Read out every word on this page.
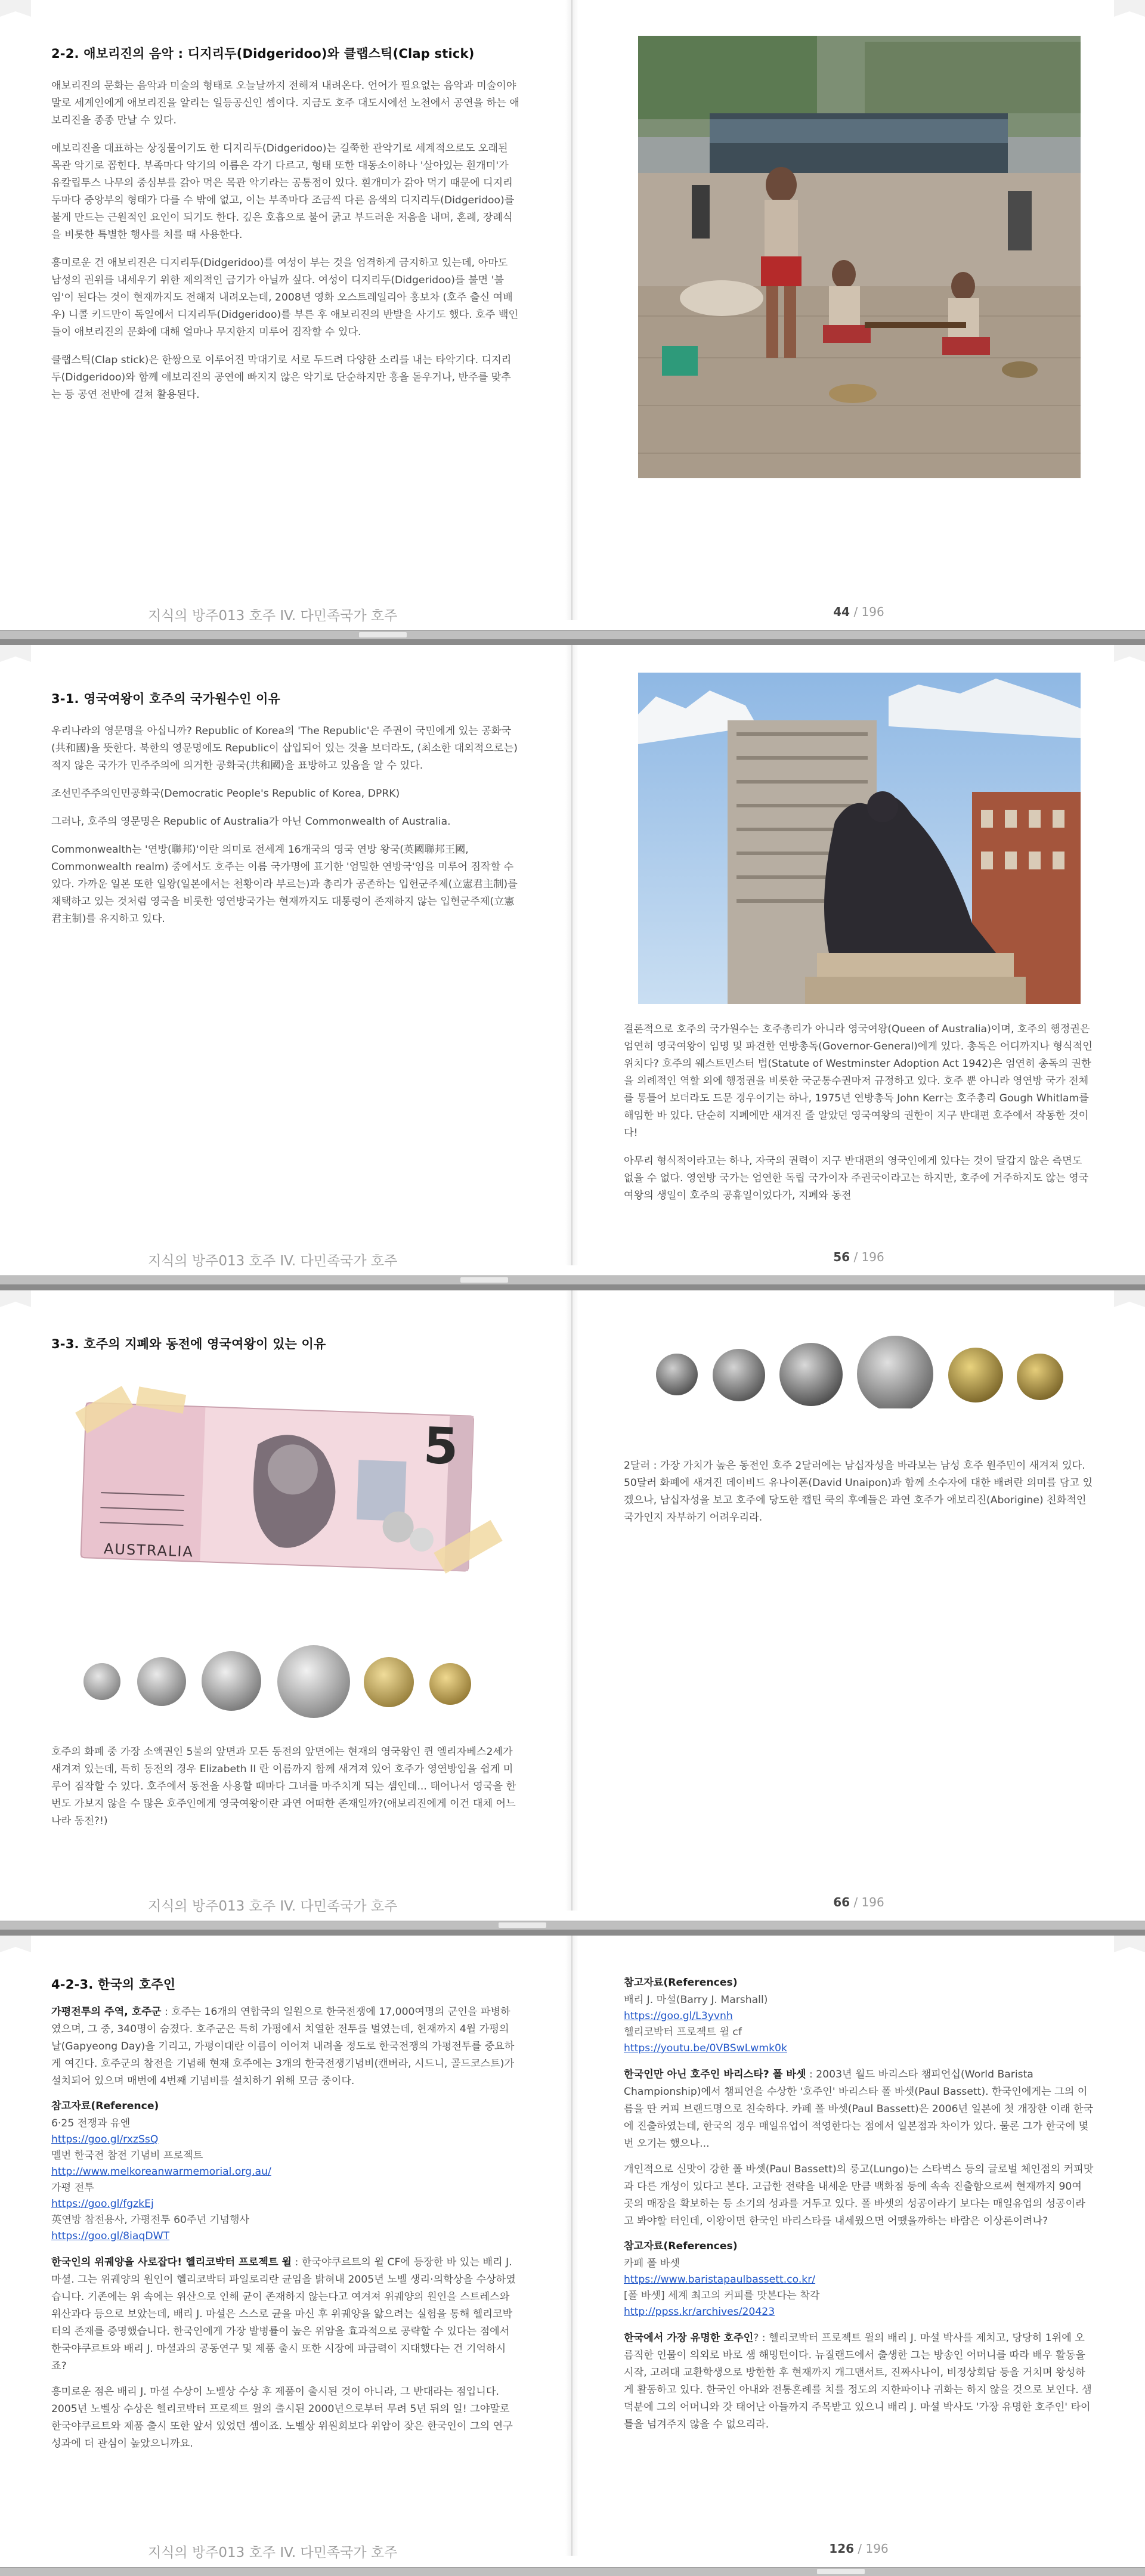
2-2. 애보리진의 음악 : 디지리두(Didgeridoo)와 클랩스틱(Clap stick)

애보리진의 문화는 음악과 미술의 형태로 오늘날까지 전해져 내려온다. 언어가 필요없는 음악과 미술이야말로 세계인에게 애보리진을 알리는 일등공신인 셈이다. 지금도 호주 대도시에선 노천에서 공연을 하는 애보리진을 종종 만날 수 있다.

애보리진을 대표하는 상징물이기도 한 디지리두(Didgeridoo)는 길쭉한 관악기로 세계적으로도 오래된 목관 악기로 꼽힌다. 부족마다 악기의 이름은 각기 다르고, 형태 또한 대동소이하나 '살아있는 흰개미'가 유칼립투스 나무의 중심부를 갉아 먹은 목관 악기라는 공통점이 있다. 흰개미가 갉아 먹기 때문에 디지리두마다 중앙부의 형태가 다를 수 밖에 없고, 이는 부족마다 조금씩 다른 음색의 디지리두(Didgeridoo)를 불게 만드는 근원적인 요인이 되기도 한다. 깊은 호흡으로 불어 굵고 부드러운 저음을 내며, 혼례, 장례식을 비롯한 특별한 행사를 처를 때 사용한다.

흥미로운 건 애보리진은 디지리두(Didgeridoo)를 여성이 부는 것을 엄격하게 금지하고 있는데, 아마도 남성의 권위를 내세우기 위한 제의적인 금기가 아닐까 싶다. 여성이 디지리두(Didgeridoo)를 불면 '불임'이 된다는 것이 현재까지도 전해져 내려오는데, 2008년 영화 오스트레일리아 홍보차 (호주 출신 여배우) 니콜 키드만이 독일에서 디지리두(Didgeridoo)를 부른 후 애보리진의 반발을 사기도 했다. 호주 백인들이 애보리진의 문화에 대해 얼마나 무지한지 미루어 짐작할 수 있다.

클랩스틱(Clap stick)은 한쌍으로 이루어진 막대기로 서로 두드려 다양한 소리를 내는 타악기다. 디지리두(Didgeridoo)와 함께 애보리진의 공연에 빠지지 않은 악기로 단순하지만 흥을 돋우거나, 반주를 맞추는 등 공연 전반에 걸쳐 활용된다.

지식의 방주013 호주 IV. 다민족국가 호주	44 / 196
3-1. 영국여왕이 호주의 국가원수인 이유

우리나라의 영문명을 아십니까? Republic of Korea의 'The Republic'은 주권이 국민에게 있는 공화국(共和國)을 뜻한다. 북한의 영문명에도 Republic이 삽입되어 있는 것을 보더라도, (최소한 대외적으로는) 적지 않은 국가가 민주주의에 의거한 공화국(共和國)을 표방하고 있음을 알 수 있다.

조선민주주의인민공화국(Democratic People's Republic of Korea, DPRK)

그러나, 호주의 영문명은 Republic of Australia가 아닌 Commonwealth of Australia.

Commonwealth는 '연방(聯邦)'이란 의미로 전세계 16개국의 영국 연방 왕국(英國聯邦王國, Commonwealth realm) 중에서도 호주는 이름 국가명에 표기한 '엄밀한 연방국'임을 미루어 짐작할 수 있다. 가까운 일본 또한 일왕(일본에서는 천황이라 부르는)과 총리가 공존하는 입헌군주제(立憲君主制)를 채택하고 있는 것처럼 영국을 비롯한 영연방국가는 현재까지도 대통령이 존재하지 않는 입헌군주제(立憲君主制)를 유지하고 있다.

지식의 방주013 호주 IV. 다민족국가 호주

결론적으로 호주의 국가원수는 호주총리가 아니라 영국여왕(Queen of Australia)이며, 호주의 행정권은 엄연히 영국여왕이 임명 및 파견한 연방총독(Governor-General)에게 있다. 총독은 어디까지나 형식적인 위치다? 호주의 웨스트민스터 법(Statute of Westminster Adoption Act 1942)은 엄연히 총독의 권한을 의례적인 역할 외에 행정권을 비롯한 국군통수권마저 규정하고 있다. 호주 뿐 아니라 영연방 국가 전체를 통틀어 보더라도 드문 경우이기는 하나, 1975년 연방총독 John Kerr는 호주총리 Gough Whitlam를 해임한 바 있다. 단순히 지폐에만 새겨진 줄 알았던 영국여왕의 권한이 지구 반대편 호주에서 작동한 것이다!

아무리 형식적이라고는 하나, 자국의 권력이 지구 반대편의 영국인에게 있다는 것이 달갑지 않은 측면도 없을 수 없다. 영연방 국가는 엄연한 독립 국가이자 주권국이라고는 하지만, 호주에 거주하지도 않는 영국여왕의 생일이 호주의 공휴일이었다가, 지폐와 동전

56 / 196
3-3. 호주의 지폐와 동전에 영국여왕이 있는 이유
5
AUSTRALIA

호주의 화폐 중 가장 소액권인 5불의 앞면과 모든 동전의 앞면에는 현재의 영국왕인 퀸 엘리자베스2세가 새겨져 있는데, 특히 동전의 경우 Elizabeth II 란 이름까지 함께 새겨져 있어 호주가 영연방임을 쉽게 미루어 짐작할 수 있다. 호주에서 동전을 사용할 때마다 그녀를 마주치게 되는 셈인데... 태어나서 영국을 한번도 가보지 않을 수 많은 호주인에게 영국여왕이란 과연 어떠한 존재일까?(애보리진에게 이건 대체 어느나라 동전?!)

지식의 방주013 호주 IV. 다민족국가 호주

2달러 : 가장 가치가 높은 동전인 호주 2달러에는 남십자성을 바라보는 남성 호주 원주민이 새겨져 있다. 50달러 화폐에 새겨진 데이비드 유나이폰(David Unaipon)과 함께 소수자에 대한 배려란 의미를 담고 있겠으나, 남십자성을 보고 호주에 당도한 캡틴 쿡의 후예들은 과연 호주가 애보리진(Aborigine) 친화적인 국가인지 자부하기 어려우리라.

66 / 196
4-2-3. 한국의 호주인

가평전투의 주역, 호주군 : 호주는 16개의 연합국의 일원으로 한국전쟁에 17,000여명의 군인을 파병하였으며, 그 중, 340명이 숨졌다. 호주군은 특히 가평에서 치열한 전투를 벌였는데, 현재까지 4월 가평의 날(Gapyeong Day)을 기리고, 가평이대란 이름이 이어져 내려올 정도로 한국전쟁의 가평전투를 중요하게 여긴다. 호주군의 참전을 기념해 현재 호주에는 3개의 한국전쟁기념비(캔버라, 시드니, 골드코스트)가 설치되어 있으며 매번에 4번째 기념비를 설치하기 위해 모금 중이다.

참고자료(Reference)
6·25 전쟁과 유엔
https://goo.gl/rxzSsQ
멜번 한국전 참전 기념비 프로젝트
http://www.melkoreanwarmemorial.org.au/
가평 전투
https://goo.gl/fgzkEj
英연방 참전용사, 가평전투 60주년 기념행사
https://goo.gl/8iaqDWT

한국인의 위궤양을 사로잡다! 헬리코박터 프로젝트 윌 : 한국야쿠르트의 윌 CF에 등장한 바 있는 배리 J. 마셜. 그는 위궤양의 원인이 헬리코박터 파일로리란 균임을 밝혀내 2005년 노벨 생리·의학상을 수상하였습니다. 기존에는 위 속에는 위산으로 인해 균이 존재하지 않는다고 여겨져 위궤양의 원인을 스트레스와 위산과다 등으로 보았는데, 배리 J. 마셜은 스스로 균을 마신 후 위궤양을 앓으려는 실험을 통해 헬리코박터의 존재를 증명했습니다. 한국인에게 가장 발병률이 높은 위암을 효과적으로 공략할 수 있다는 점에서 한국야쿠르트와 배리 J. 마셜과의 공동연구 및 제품 출시 또한 시장에 파급력이 지대했다는 건 기억하시죠?

흥미로운 점은 배리 J. 마셜 수상이 노벨상 수상 후 제품이 출시된 것이 아니라, 그 반대라는 점입니다. 2005년 노벨상 수상은 헬리코박터 프로젝트 윌의 출시된 2000년으로부터 무려 5년 뒤의 일! 그야말로 한국야쿠르트와 제품 출시 또한 앞서 있었던 셈이죠. 노벨상 위원회보다 위암이 잦은 한국인이 그의 연구성과에 더 관심이 높았으니까요.

지식의 방주013 호주 IV. 다민족국가 호주
참고자료(References)
배리 J. 마셜(Barry J. Marshall)
https://goo.gl/L3yvnh
헬리코박터 프로젝트 윌 cf
https://youtu.be/0VBSwLwmk0k

한국인만 아닌 호주인 바리스타? 폴 바셋 : 2003년 월드 바리스타 챔피언십(World Barista Championship)에서 챔피언을 수상한 '호주인' 바리스타 폴 바셋(Paul Bassett). 한국인에게는 그의 이름을 딴 커피 브랜드명으로 친숙하다. 카페 폴 바셋(Paul Bassett)은 2006년 일본에 첫 개장한 이래 한국에 진출하였는데, 한국의 경우 매일유업이 적영한다는 점에서 일본점과 차이가 있다. 물론 그가 한국에 몇 번 오기는 했으나...

개인적으로 신맛이 강한 폴 바셋(Paul Bassett)의 룽고(Lungo)는 스타벅스 등의 글로벌 체인점의 커피맛과 다른 개성이 있다고 본다. 고급한 전략을 내세운 만큼 백화점 등에 속속 진출함으로써 현재까지 90여 곳의 매장을 확보하는 등 소기의 성과를 거두고 있다. 폴 바셋의 성공이라기 보다는 매일유업의 성공이라고 봐야할 터인데, 이왕이면 한국인 바리스타를 내세웠으면 어땠을까하는 바람은 이상론이려나?

참고자료(References)
카페 폴 바셋
https://www.baristapaulbassett.co.kr/
[폴 바셋] 세계 최고의 커피를 맛본다는 착각
http://ppss.kr/archives/20423

한국에서 가장 유명한 호주인? : 헬리코박터 프로젝트 윌의 배리 J. 마셜 박사를 제치고, 당당히 1위에 오름직한 인물이 의외로 바로 샘 해밍턴이다. 뉴질랜드에서 출생한 그는 방송인 어머니를 따라 배우 활동을 시작, 고려대 교환학생으로 방한한 후 현재까지 개그맨서트, 진짜사나이, 비정상회담 등을 거치며 왕성하게 활동하고 있다. 한국인 아내와 전통혼례를 치를 정도의 지한파이나 귀화는 하지 않을 것으로 보인다. 샘 덕분에 그의 어머니와 갓 태어난 아들까지 주목받고 있으니 배리 J. 마셜 박사도 '가장 유명한 호주인' 타이틀을 넘겨주지 않을 수 없으리라.

126 / 196
